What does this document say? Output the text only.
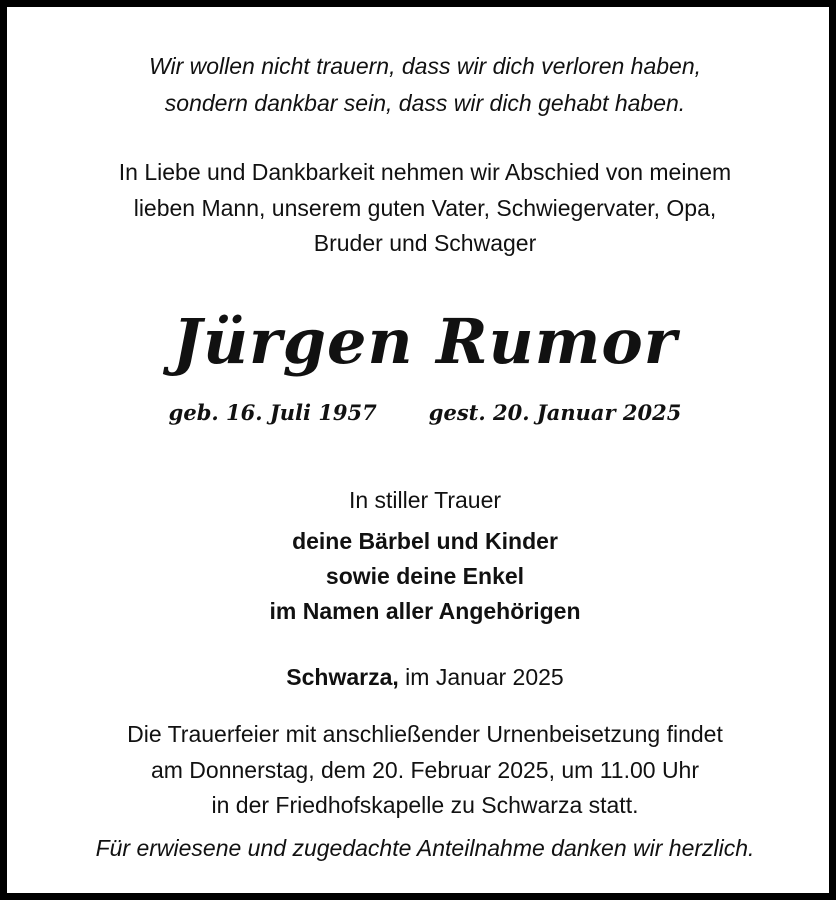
Wir wollen nicht trauern, dass wir dich verloren haben,
sondern dankbar sein, dass wir dich gehabt haben.
In Liebe und Dankbarkeit nehmen wir Abschied von meinem
lieben Mann, unserem guten Vater, Schwiegervater, Opa,
Bruder und Schwager
Jürgen Rumor
geb. 16. Juli 1957 gest. 20. Januar 2025
In stiller Trauer
deine Bärbel und Kinder
sowie deine Enkel
im Namen aller Angehörigen
Schwarza, im Januar 2025
Die Trauerfeier mit anschließender Urnenbeisetzung findet
am Donnerstag, dem 20. Februar 2025, um 11.00 Uhr
in der Friedhofskapelle zu Schwarza statt.
Für erwiesene und zugedachte Anteilnahme danken wir herzlich.
